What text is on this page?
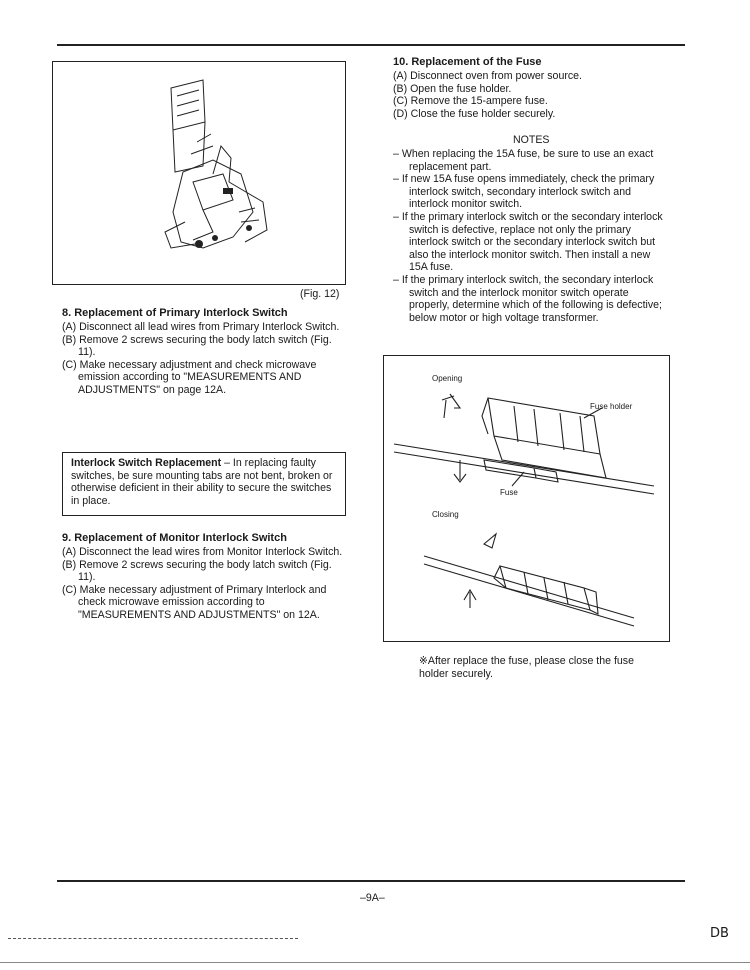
(Fig. 12)
8. Replacement of Primary Interlock Switch
(A) Disconnect all lead wires from Primary Interlock Switch.
(B) Remove 2 screws securing the body latch switch (Fig. 11).
(C) Make necessary adjustment and check microwave emission according to "MEASUREMENTS AND ADJUSTMENTS" on page 12A.
Interlock Switch Replacement – In replacing faulty switches, be sure mounting tabs are not bent, broken or otherwise deficient in their ability to secure the switches in place.
9. Replacement of Monitor Interlock Switch
(A) Disconnect the lead wires from Monitor Interlock Switch.
(B) Remove 2 screws securing the body latch switch (Fig. 11).
(C) Make necessary adjustment of Primary Interlock and check microwave emission according to "MEASUREMENTS AND ADJUSTMENTS" on 12A.
10. Replacement of the Fuse
(A) Disconnect oven from power source.
(B) Open the fuse holder.
(C) Remove the 15-ampere fuse.
(D) Close the fuse holder securely.
NOTES
– When replacing the 15A fuse, be sure to use an exact replacement part.
– If new 15A fuse opens immediately, check the primary interlock switch, secondary interlock switch and interlock monitor switch.
– If the primary interlock switch or the secondary interlock switch is defective, replace not only the primary interlock switch or the secondary interlock switch but also the interlock monitor switch. Then install a new 15A fuse.
– If the primary interlock switch, the secondary interlock switch and the interlock monitor switch operate properly, determine which of the following is defective; below motor or high voltage transformer.
Opening
Fuse holder
Fuse
Closing
※After replace the fuse, please close the fuse holder securely.
–9A–
DB
